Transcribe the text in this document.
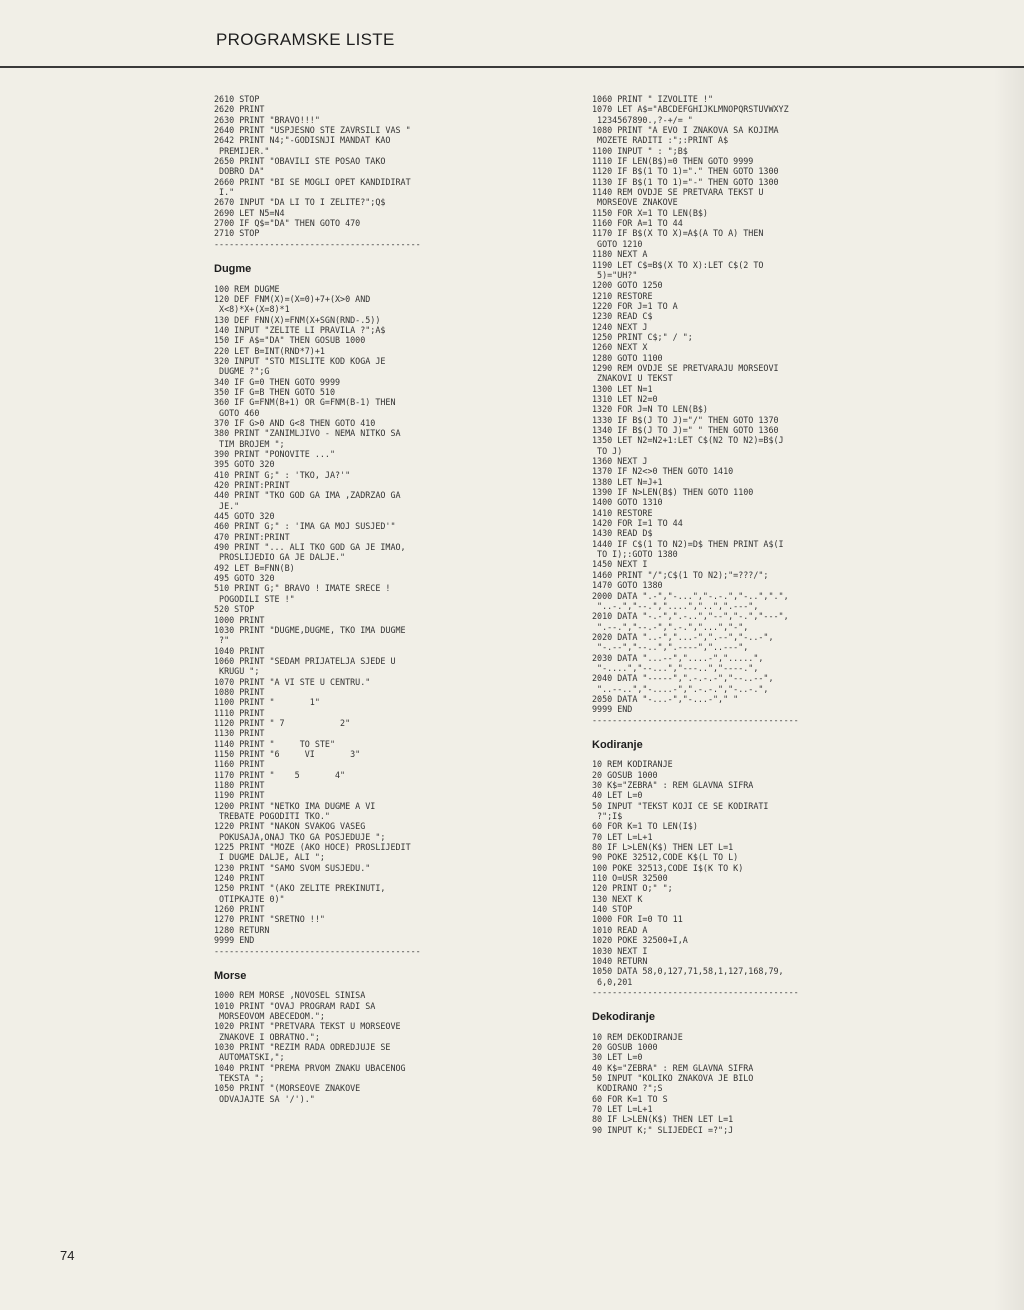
PROGRAMSKE LISTE
2610 STOP
2620 PRINT
2630 PRINT "BRAVO!!!"
2640 PRINT "USPJESNO STE ZAVRSILI VAS "
2642 PRINT N4;"-GODISNJI MANDAT KAO
PREMIJER."
2650 PRINT "OBAVILI STE POSAO TAKO
DOBRO DA"
2660 PRINT "BI SE MOGLI OPET KANDIDIRAT
I."
2670 INPUT "DA LI TO I ZELITE?";Q$
2690 LET N5=N4
2700 IF Q$="DA" THEN GOTO 470
2710 STOP
-----------------------------------------
Dugme
100 REM DUGME
120 DEF FNM(X)=(X=0)+7+(X>0 AND
X<8)*X+(X=8)*1
130 DEF FNN(X)=FNM(X+SGN(RND-.5))
140 INPUT "ZELITE LI PRAVILA ?";A$
150 IF A$="DA" THEN GOSUB 1000
220 LET B=INT(RND*7)+1
320 INPUT "STO MISLITE KOD KOGA JE
DUGME ?";G
340 IF G=0 THEN GOTO 9999
350 IF G=B THEN GOTO 510
360 IF G=FNM(B+1) OR G=FNM(B-1) THEN
GOTO 460
370 IF G>0 AND G<8 THEN GOTO 410
380 PRINT "ZANIMLJIVO - NEMA NITKO SA
TIM BROJEM ";
390 PRINT "PONOVITE ..."
395 GOTO 320
410 PRINT G;" : 'TKO, JA?'"
420 PRINT:PRINT
440 PRINT "TKO GOD GA IMA ,ZADRZAO GA
JE."
445 GOTO 320
460 PRINT G;" : 'IMA GA MOJ SUSJED'"
470 PRINT:PRINT
490 PRINT "... ALI TKO GOD GA JE IMAO,
PROSLIJEDIO GA JE DALJE."
492 LET B=FNN(B)
495 GOTO 320
510 PRINT G;" BRAVO ! IMATE SRECE !
POGODILI STE !"
520 STOP
1000 PRINT
1030 PRINT "DUGME,DUGME, TKO IMA DUGME
?"
1040 PRINT
1060 PRINT "SEDAM PRIJATELJA SJEDE U
KRUGU ";
1070 PRINT "A VI STE U CENTRU."
1080 PRINT
1100 PRINT "       1"
1110 PRINT
1120 PRINT " 7           2"
1130 PRINT
1140 PRINT "     TO STE"
1150 PRINT "6     VI       3"
1160 PRINT
1170 PRINT "    5       4"
1180 PRINT
1190 PRINT
1200 PRINT "NETKO IMA DUGME A VI
TREBATE POGODITI TKO."
1220 PRINT "NAKON SVAKOG VASEG
POKUSAJA,ONAJ TKO GA POSJEDUJE ";
1225 PRINT "MOZE (AKO HOCE) PROSLIJEDIT
I DUGME DALJE, ALI ";
1230 PRINT "SAMO SVOM SUSJEDU."
1240 PRINT
1250 PRINT "(AKO ZELITE PREKINUTI,
OTIPKAJTE 0)"
1260 PRINT
1270 PRINT "SRETNO !!"
1280 RETURN
9999 END
-----------------------------------------
Morse
1000 REM MORSE ,NOVOSEL SINISA
1010 PRINT "OVAJ PROGRAM RADI SA
MORSEOVOM ABECEDOM.";
1020 PRINT "PRETVARA TEKST U MORSEOVE
ZNAKOVE I OBRATNO.";
1030 PRINT "REZIM RADA ODREDJUJE SE
AUTOMATSKI,";
1040 PRINT "PREMA PRVOM ZNAKU UBACENOG
TEKSTA ";
1050 PRINT "(MORSEOVE ZNAKOVE
ODVAJAJTE SA '/')."
1060 PRINT " IZVOLITE !"
1070 LET A$="ABCDEFGHIJKLMNOPQRSTUVWXYZ
1234567890.,?-+/= "
1080 PRINT "A EVO I ZNAKOVA SA KOJIMA
MOZETE RADITI :";:PRINT A$
1100 INPUT " : ";B$
1110 IF LEN(B$)=0 THEN GOTO 9999
1120 IF B$(1 TO 1)="." THEN GOTO 1300
1130 IF B$(1 TO 1)="-" THEN GOTO 1300
1140 REM OVDJE SE PRETVARA TEKST U
MORSEOVE ZNAKOVE
1150 FOR X=1 TO LEN(B$)
1160 FOR A=1 TO 44
1170 IF B$(X TO X)=A$(A TO A) THEN
GOTO 1210
1180 NEXT A
1190 LET C$=B$(X TO X):LET C$(2 TO
5)="UH?"
1200 GOTO 1250
1210 RESTORE
1220 FOR J=1 TO A
1230 READ C$
1240 NEXT J
1250 PRINT C$;" / ";
1260 NEXT X
1280 GOTO 1100
1290 REM OVDJE SE PRETVARAJU MORSEOVI
ZNAKOVI U TEKST
1300 LET N=1
1310 LET N2=0
1320 FOR J=N TO LEN(B$)
1330 IF B$(J TO J)="/" THEN GOTO 1370
1340 IF B$(J TO J)=" " THEN GOTO 1360
1350 LET N2=N2+1:LET C$(N2 TO N2)=B$(J
TO J)
1360 NEXT J
1370 IF N2<>0 THEN GOTO 1410
1380 LET N=J+1
1390 IF N>LEN(B$) THEN GOTO 1100
1400 GOTO 1310
1410 RESTORE
1420 FOR I=1 TO 44
1430 READ D$
1440 IF C$(1 TO N2)=D$ THEN PRINT A$(I
TO I);:GOTO 1380
1450 NEXT I
1460 PRINT "/";C$(1 TO N2);"=???/";
1470 GOTO 1380
2000 DATA ".-","-...","-.-.","-..",".",
"..-.","--.","....","..",".---",
2010 DATA "-.-",".-..","--","-.","---",
".--.","--.-",".-.","...","-",
2020 DATA "..-","...-",".--","-..-",
"-.--","--..",".----","..---",
2030 DATA "...--","....-",".....",
"-....","--...","---..","----.",
2040 DATA "-----",".-.-.-","--..--",
"..--..","-....-",".-.-.","-..-.",
2050 DATA "-...-","-...-"," "
9999 END
-----------------------------------------
Kodiranje
10 REM KODIRANJE
20 GOSUB 1000
30 K$="ZEBRA" : REM GLAVNA SIFRA
40 LET L=0
50 INPUT "TEKST KOJI CE SE KODIRATI
?";I$
60 FOR K=1 TO LEN(I$)
70 LET L=L+1
80 IF L>LEN(K$) THEN LET L=1
90 POKE 32512,CODE K$(L TO L)
100 POKE 32513,CODE I$(K TO K)
110 O=USR 32500
120 PRINT O;" ";
130 NEXT K
140 STOP
1000 FOR I=0 TO 11
1010 READ A
1020 POKE 32500+I,A
1030 NEXT I
1040 RETURN
1050 DATA 58,0,127,71,58,1,127,168,79,
6,0,201
-----------------------------------------
Dekodiranje
10 REM DEKODIRANJE
20 GOSUB 1000
30 LET L=0
40 K$="ZEBRA" : REM GLAVNA SIFRA
50 INPUT "KOLIKO ZNAKOVA JE BILO
KODIRANO ?";S
60 FOR K=1 TO S
70 LET L=L+1
80 IF L>LEN(K$) THEN LET L=1
90 INPUT K;" SLIJEDECI =?";J
74
